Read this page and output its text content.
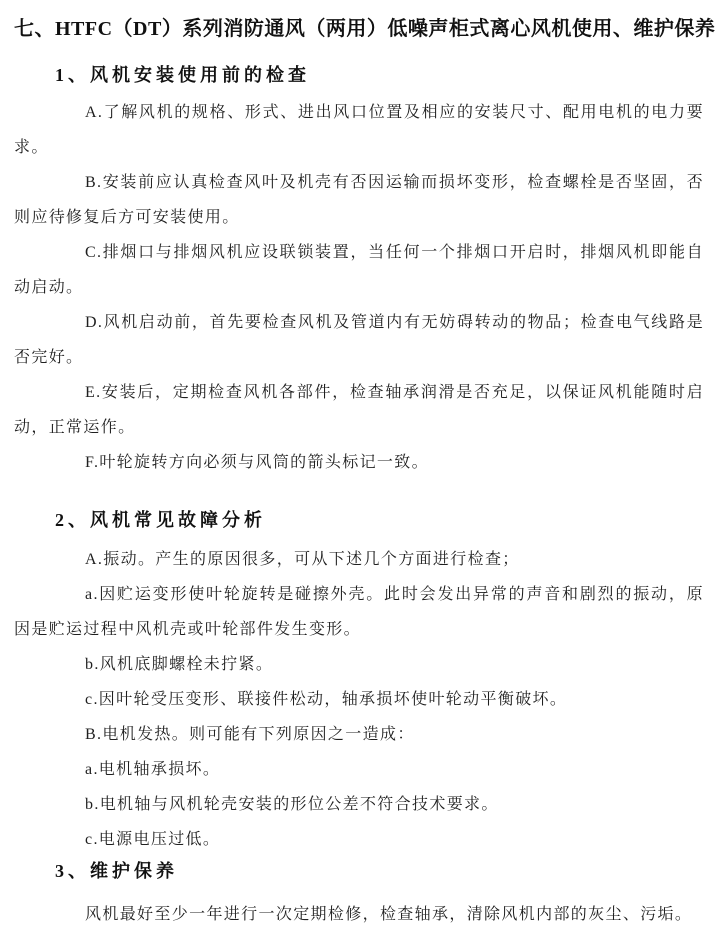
七、HTFC（DT）系列消防通风（两用）低噪声柜式离心风机使用、维护保养
1、风机安装使用前的检查

A.了解风机的规格、形式、进出风口位置及相应的安装尺寸、配用电机的电力要求。

B.安装前应认真检查风叶及机壳有否因运输而损坏变形，检查螺栓是否坚固，否则应待修复后方可安装使用。

C.排烟口与排烟风机应设联锁装置，当任何一个排烟口开启时，排烟风机即能自动启动。

D.风机启动前，首先要检查风机及管道内有无妨碍转动的物品；检查电气线路是否完好。

E.安装后，定期检查风机各部件，检查轴承润滑是否充足，以保证风机能随时启动，正常运作。

F.叶轮旋转方向必须与风筒的箭头标记一致。

2、风机常见故障分析

A.振动。产生的原因很多，可从下述几个方面进行检查；

a.因贮运变形使叶轮旋转是碰擦外壳。此时会发出异常的声音和剧烈的振动，原因是贮运过程中风机壳或叶轮部件发生变形。

b.风机底脚螺栓未拧紧。

c.因叶轮受压变形、联接件松动，轴承损坏使叶轮动平衡破坏。

B.电机发热。则可能有下列原因之一造成：

a.电机轴承损坏。

b.电机轴与风机轮壳安装的形位公差不符合技术要求。

c.电源电压过低。

3、维护保养

风机最好至少一年进行一次定期检修，检查轴承，清除风机内部的灰尘、污垢。
